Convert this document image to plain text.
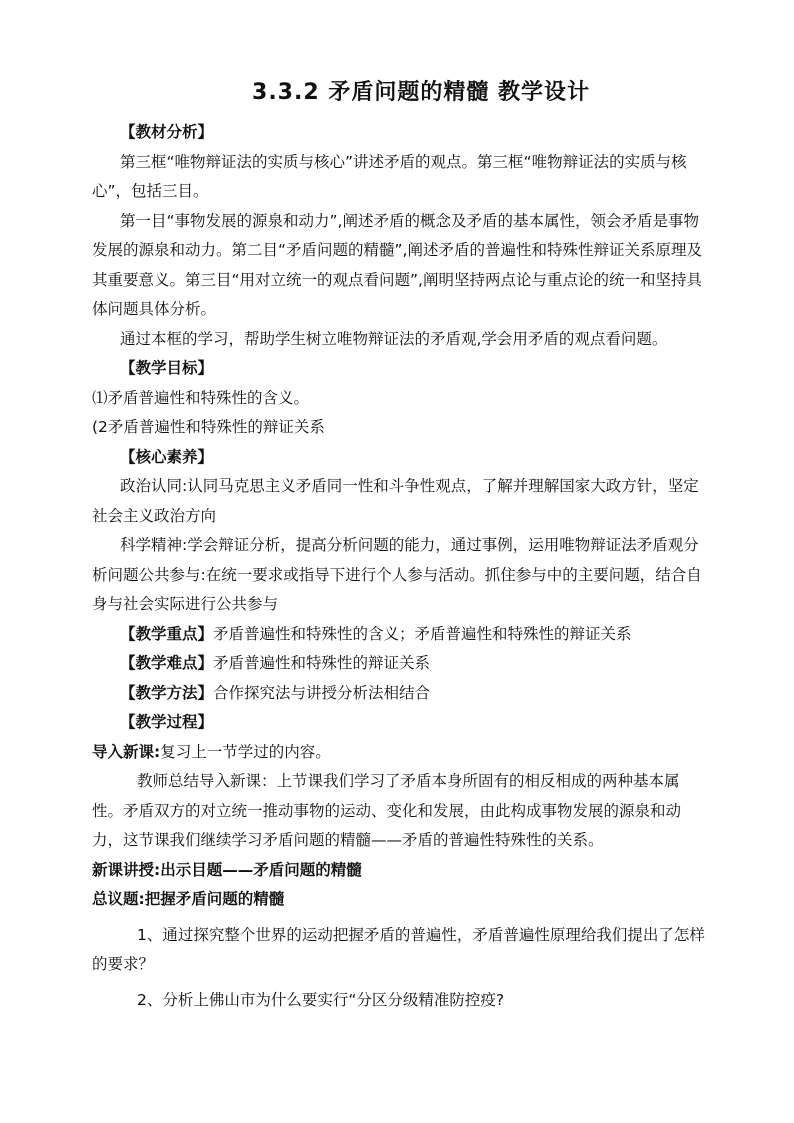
3.3.2 矛盾问题的精髓 教学设计

【教材分析】

第三框“唯物辩证法的实质与核心”讲述矛盾的观点。第三框“唯物辩证法的实质与核心”，包括三目。

第一目“事物发展的源泉和动力”,阐述矛盾的概念及矛盾的基本属性，领会矛盾是事物发展的源泉和动力。第二目“矛盾问题的精髓”,阐述矛盾的普遍性和特殊性辩证关系原理及其重要意义。第三目“用对立统一的观点看问题”,阐明坚持两点论与重点论的统一和坚持具体问题具体分析。

通过本框的学习，帮助学生树立唯物辩证法的矛盾观,学会用矛盾的观点看问题。

【教学目标】

⑴矛盾普遍性和特殊性的含义。

(2矛盾普遍性和特殊性的辩证关系

【核心素养】

政治认同:认同马克思主义矛盾同一性和斗争性观点，了解并理解国家大政方针，坚定社会主义政治方向

科学精神:学会辩证分析，提高分析问题的能力，通过事例，运用唯物辩证法矛盾观分析问题公共参与:在统一要求或指导下进行个人参与活动。抓住参与中的主要问题，结合自身与社会实际进行公共参与

【教学重点】矛盾普遍性和特殊性的含义；矛盾普遍性和特殊性的辩证关系

【教学难点】矛盾普遍性和特殊性的辩证关系

【教学方法】合作探究法与讲授分析法相结合

【教学过程】

导入新课:复习上一节学过的内容。

教师总结导入新课：上节课我们学习了矛盾本身所固有的相反相成的两种基本属性。矛盾双方的对立统一推动事物的运动、变化和发展，由此构成事物发展的源泉和动力，这节课我们继续学习矛盾问题的精髓——矛盾的普遍性特殊性的关系。

新课讲授:出示目题——矛盾问题的精髓

总议题:把握矛盾问题的精髓

1、通过探究整个世界的运动把握矛盾的普遍性，矛盾普遍性原理给我们提出了怎样的要求？

2、分析上佛山市为什么要实行“分区分级精准防控疫?
